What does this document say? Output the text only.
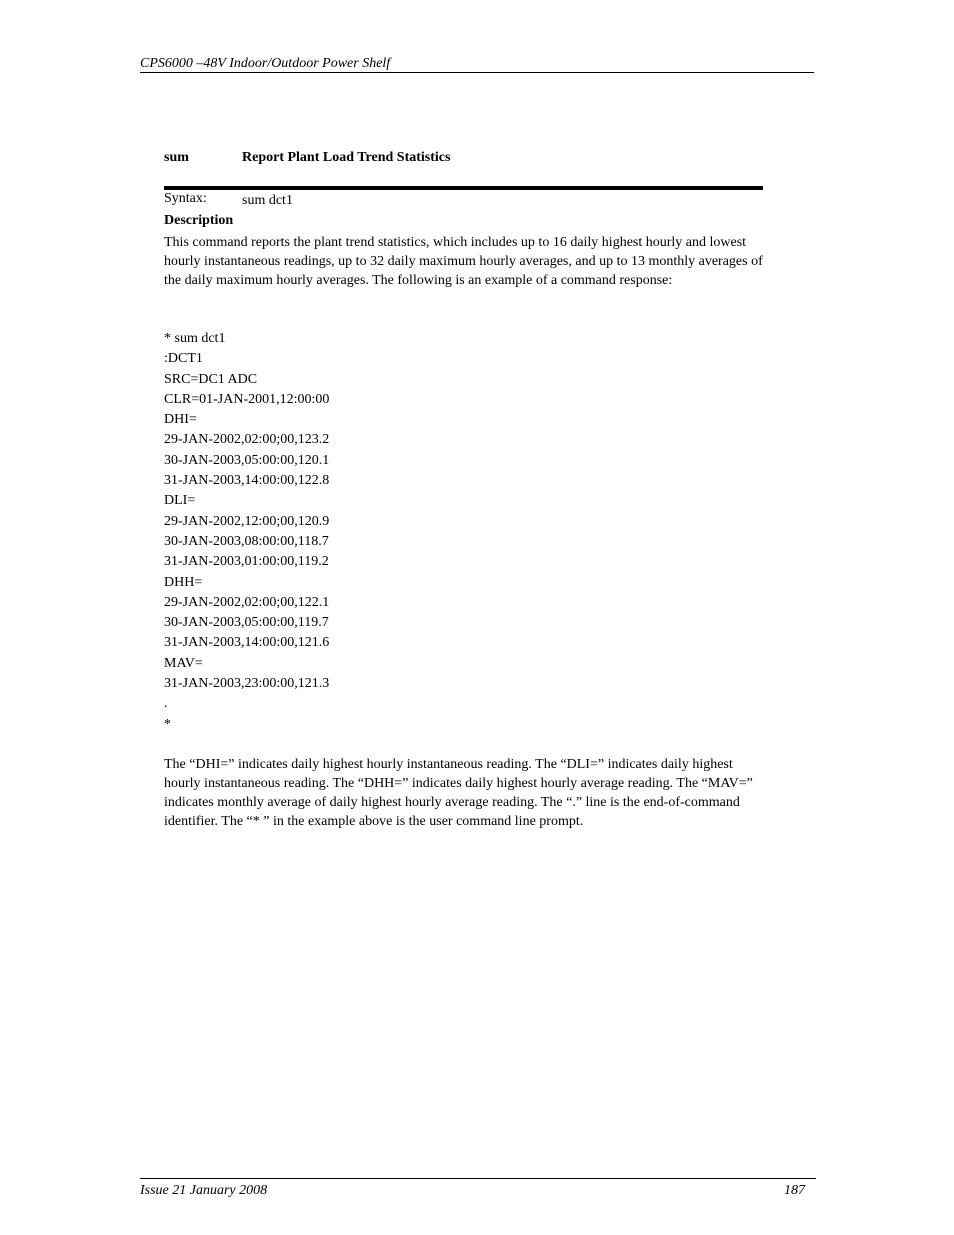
CPS6000 –48V Indoor/Outdoor Power Shelf
sum	Report Plant Load Trend Statistics
Syntax:	sum dct1
Description
This command reports the plant trend statistics, which includes up to 16 daily highest hourly and lowest hourly instantaneous readings, up to 32 daily maximum hourly averages, and up to 13 monthly averages of the daily maximum hourly averages. The following is an example of a command response:
* sum dct1
:DCT1
SRC=DC1 ADC
CLR=01-JAN-2001,12:00:00
DHI=
29-JAN-2002,02:00;00,123.2
30-JAN-2003,05:00:00,120.1
31-JAN-2003,14:00:00,122.8
DLI=
29-JAN-2002,12:00;00,120.9
30-JAN-2003,08:00:00,118.7
31-JAN-2003,01:00:00,119.2
DHH=
29-JAN-2002,02:00;00,122.1
30-JAN-2003,05:00:00,119.7
31-JAN-2003,14:00:00,121.6
MAV=
31-JAN-2003,23:00:00,121.3
.
*
The “DHI=” indicates daily highest hourly instantaneous reading. The “DLI=” indicates daily highest hourly instantaneous reading. The “DHH=” indicates daily highest hourly average reading. The “MAV=” indicates monthly average of daily highest hourly average reading. The “.” line is the end-of-command identifier. The “* ” in the example above is the user command line prompt.
Issue 21 January 2008	187
